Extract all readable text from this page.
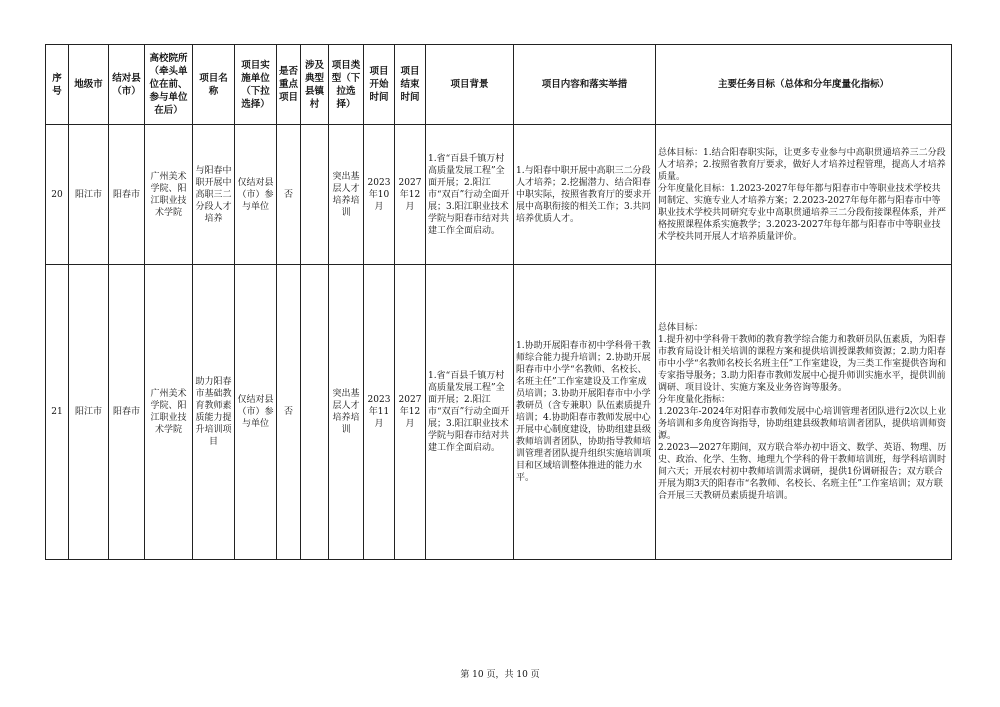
序号	地级市	结对县（市）	高校院所（牵头单位在前、参与单位在后）	项目名称	项目实施单位（下拉选择）	是否重点项目	涉及典型县镇村	项目类型（下拉选择）	项目开始时间	项目结束时间	项目背景	项目内容和落实举措	主要任务目标（总体和分年度量化指标）
20	阳江市	阳春市	广州美术学院、阳江职业技术学院	与阳春中职开展中高职三二分段人才培养	仅结对县（市）参与单位	否		突出基层人才培养培训	2023年10月	2027年12月	1.省“百县千镇万村高质量发展工程”全面开展；2.阳江市“双百”行动全面开展；3.阳江职业技术学院与阳春市结对共建工作全面启动。	1.与阳春中职开展中高职三二分段人才培养；2.挖掘潜力、结合阳春中职实际，按照省教育厅的要求开展中高职衔接的相关工作；3.共同培养优质人才。	总体目标：1.结合阳春职实际，让更多专业参与中高职贯通培养三二分段人才培养；2.按照省教育厅要求，做好人才培养过程管理，提高人才培养质量。
分年度量化目标：1.2023-2027年每年都与阳春市中等职业技术学校共同制定、实施专业人才培养方案；2.2023-2027年每年都与阳春市中等职业技术学校共同研究专业中高职贯通培养三二分段衔接课程体系，并严格按照课程体系实施教学；3.2023-2027年每年都与阳春市中等职业技术学校共同开展人才培养质量评价。

21	阳江市	阳春市	广州美术学院、阳江职业技术学院	助力阳春市基础教育教师素质能力提升培训项目	仅结对县（市）参与单位	否		突出基层人才培养培训	2023年11月	2027年12月	1.省“百县千镇万村高质量发展工程”全面开展；2.阳江市“双百”行动全面开展；3.阳江职业技术学院与阳春市结对共建工作全面启动。	1.协助开展阳春市初中学科骨干教师综合能力提升培训；2.协助开展阳春市中小学“名教师、名校长、名班主任”工作室建设及工作室成员培训；3.协助开展阳春市中小学教研员（含专兼职）队伍素质提升培训；4.协助阳春市教师发展中心开展中心制度建设，协助组建县级教师培训者团队，协助指导教师培训管理者团队提升组织实施培训项目和区域培训整体推进的能力水平。	总体目标：
1.提升初中学科骨干教师的教育教学综合能力和教研员队伍素质，为阳春市教育局设计相关培训的课程方案和提供培训授课教师资源；2.助力阳春市中小学“名教师名校长名班主任”工作室建设，为三类工作室提供咨询和专家指导服务；3.助力阳春市教师发展中心提升师训实施水平，提供训前调研、项目设计、实施方案及业务咨询等服务。
分年度量化指标：
1.2023年-2024年对阳春市教师发展中心培训管理者团队进行2次以上业务培训和多角度咨询指导，协助组建县级教师培训者团队，提供培训师资源。
2.2023—2027年期间，双方联合举办初中语文、数学、英语、物理、历史、政治、化学、生物、地理九个学科的骨干教师培训班，每学科培训时间六天；开展农村初中教师培训需求调研，提供1份调研报告；双方联合开展为期3天的阳春市“名教师、名校长、名班主任”工作室培训；双方联合开展三天教研员素质提升培训。
第 10 页，共 10 页
